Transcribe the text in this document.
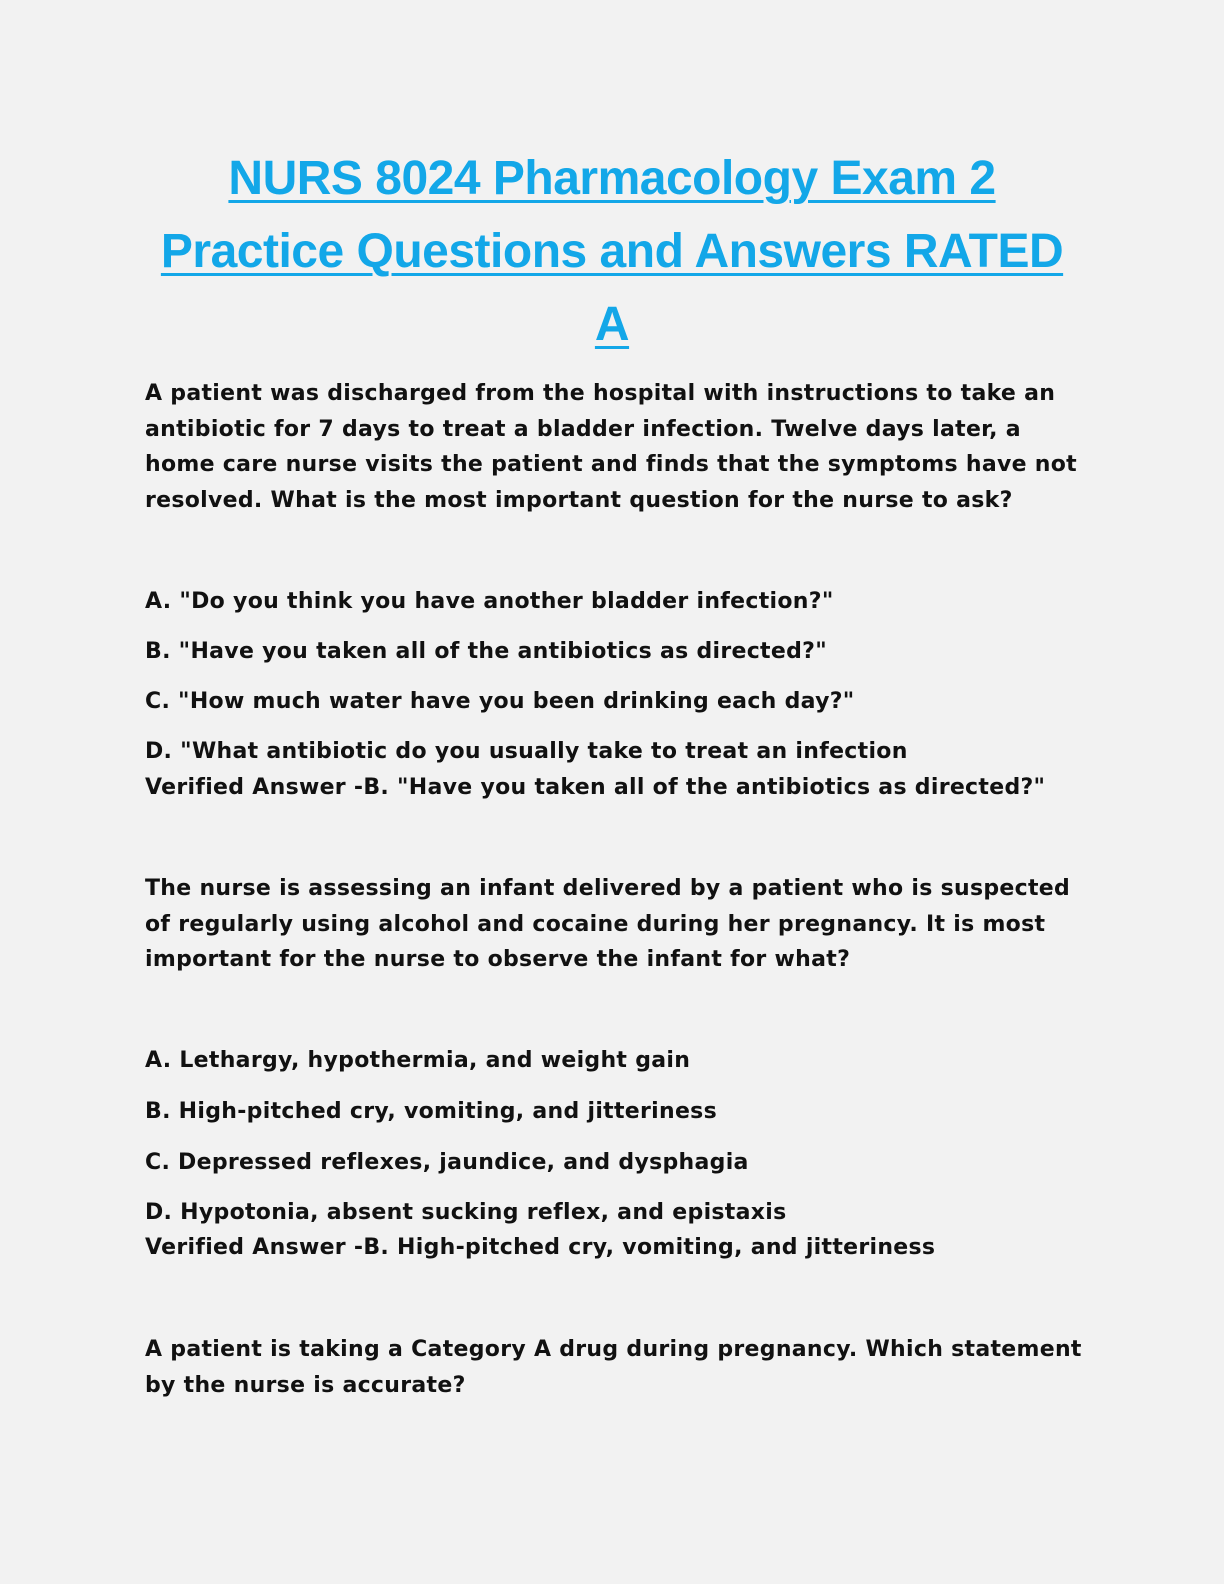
NURS 8024 Pharmacology Exam 2
Practice Questions and Answers RATED
A

A patient was discharged from the hospital with instructions to take an antibiotic for 7 days to treat a bladder infection. Twelve days later, a home care nurse visits the patient and finds that the symptoms have not resolved. What is the most important question for the nurse to ask?

A. "Do you think you have another bladder infection?"
B. "Have you taken all of the antibiotics as directed?"
C. "How much water have you been drinking each day?"
D. "What antibiotic do you usually take to treat an infection
Verified Answer -B. "Have you taken all of the antibiotics as directed?"

The nurse is assessing an infant delivered by a patient who is suspected of regularly using alcohol and cocaine during her pregnancy. It is most important for the nurse to observe the infant for what?

A. Lethargy, hypothermia, and weight gain
B. High-pitched cry, vomiting, and jitteriness
C. Depressed reflexes, jaundice, and dysphagia
D. Hypotonia, absent sucking reflex, and epistaxis
Verified Answer -B. High-pitched cry, vomiting, and jitteriness

A patient is taking a Category A drug during pregnancy. Which statement by the nurse is accurate?
